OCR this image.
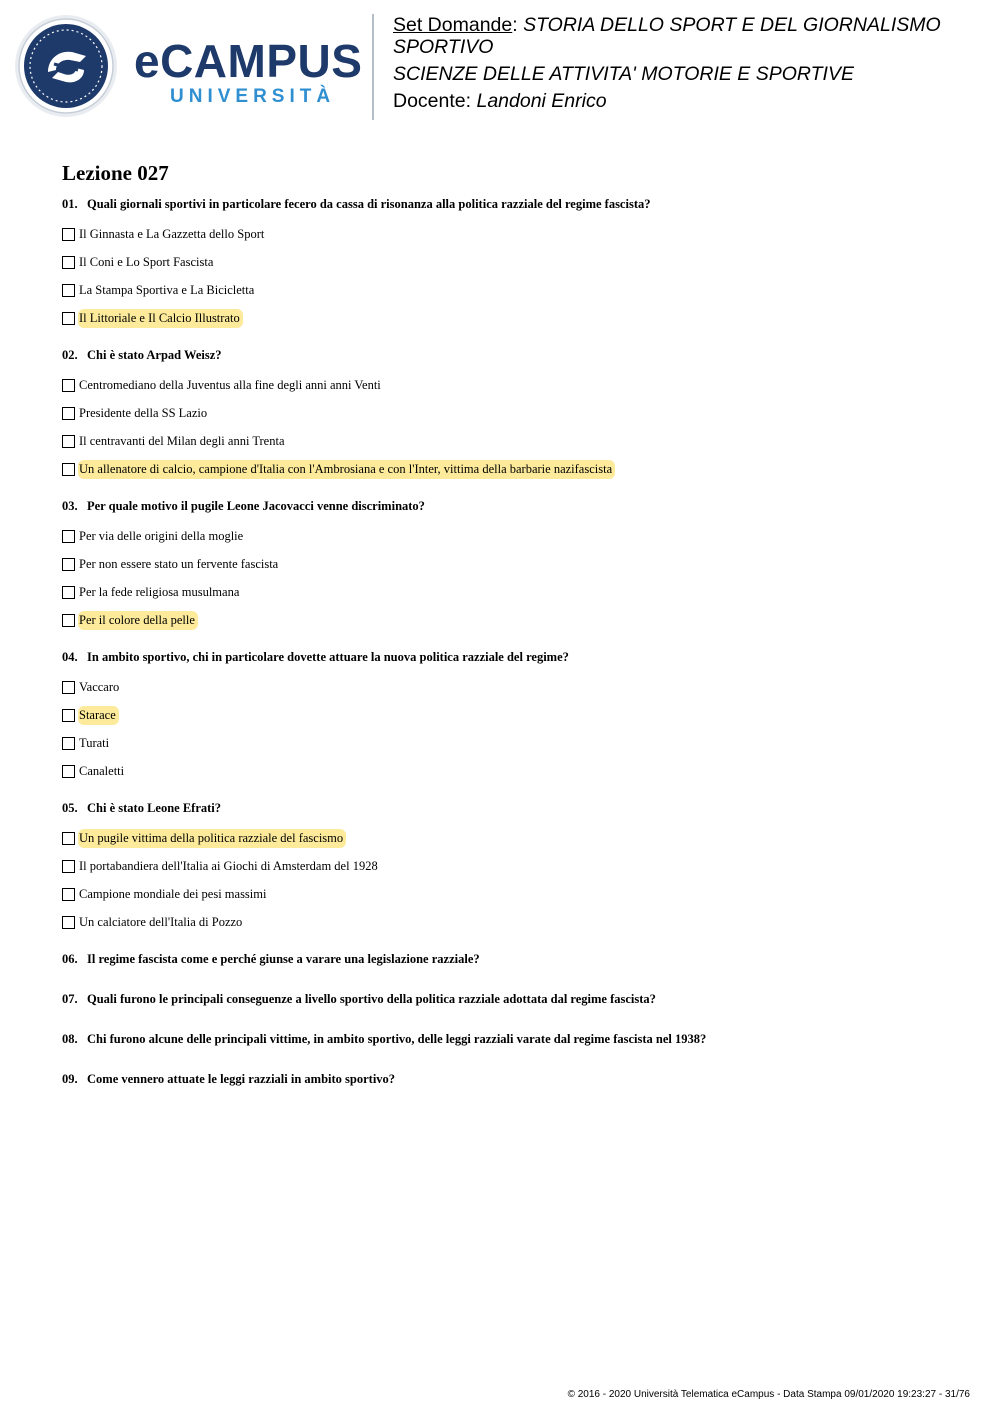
eCAMPUS
UNIVERSITÀ
Set Domande: STORIA DELLO SPORT E DEL GIORNALISMO
SPORTIVO
SCIENZE DELLE ATTIVITA' MOTORIE E SPORTIVE
Docente: Landoni Enrico
Lezione 027
01. Quali giornali sportivi in particolare fecero da cassa di risonanza alla politica razziale del regime fascista?
Il Ginnasta e La Gazzetta dello Sport
Il Coni e Lo Sport Fascista
La Stampa Sportiva e La Bicicletta
Il Littoriale e Il Calcio Illustrato
02. Chi è stato Arpad Weisz?
Centromediano della Juventus alla fine degli anni anni Venti
Presidente della SS Lazio
Il centravanti del Milan degli anni Trenta
Un allenatore di calcio, campione d'Italia con l'Ambrosiana e con l'Inter, vittima della barbarie nazifascista
03. Per quale motivo il pugile Leone Jacovacci venne discriminato?
Per via delle origini della moglie
Per non essere stato un fervente fascista
Per la fede religiosa musulmana
Per il colore della pelle
04. In ambito sportivo, chi in particolare dovette attuare la nuova politica razziale del regime?
Vaccaro
Starace
Turati
Canaletti
05. Chi è stato Leone Efrati?
Un pugile vittima della politica razziale del fascismo
Il portabandiera dell'Italia ai Giochi di Amsterdam del 1928
Campione mondiale dei pesi massimi
Un calciatore dell'Italia di Pozzo
06. Il regime fascista come e perché giunse a varare una legislazione razziale?
07. Quali furono le principali conseguenze a livello sportivo della politica razziale adottata dal regime fascista?
08. Chi furono alcune delle principali vittime, in ambito sportivo, delle leggi razziali varate dal regime fascista nel 1938?
09. Come vennero attuate le leggi razziali in ambito sportivo?
© 2016 - 2020 Università Telematica eCampus - Data Stampa 09/01/2020 19:23:27 - 31/76
